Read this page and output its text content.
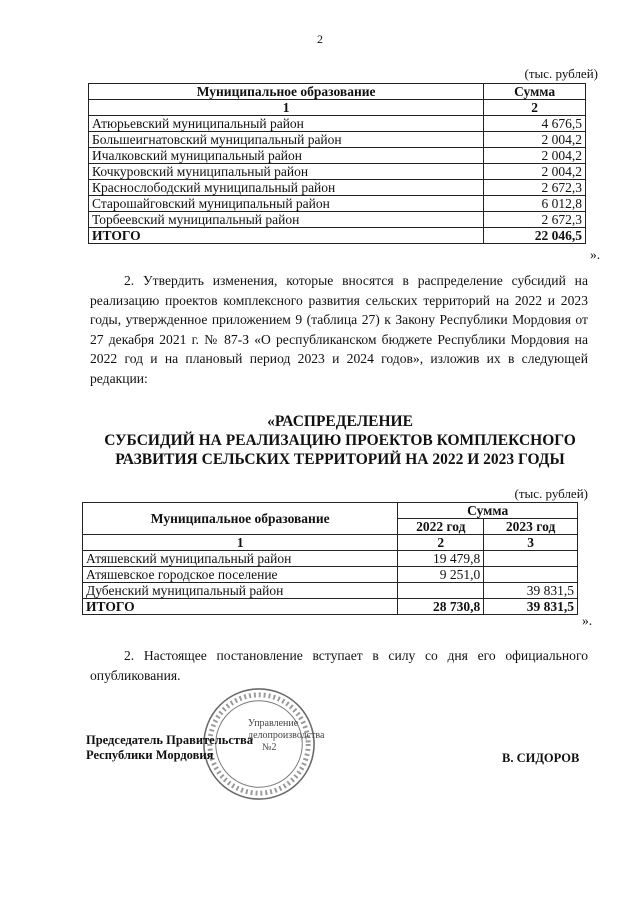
2
(тыс. рублей)
Муниципальное образование	Сумма
1	2
Атюрьевский муниципальный район	4 676,5
Большеигнатовский муниципальный район	2 004,2
Ичалковский муниципальный район	2 004,2
Кочкуровский муниципальный район	2 004,2
Краснослободский муниципальный район	2 672,3
Старошайговский муниципальный район	6 012,8
Торбеевский муниципальный район	2 672,3
ИТОГО	22 046,5
».

2. Утвердить изменения, которые вносятся в распределение субсидий на реализацию проектов комплексного развития сельских территорий на 2022 и 2023 годы, утвержденное приложением 9 (таблица 27) к Закону Республики Мордовия от 27 декабря 2021 г. № 87-З «О республиканском бюджете Республики Мордовия на 2022 год и на плановый период 2023 и 2024 годов», изложив их в следующей редакции:

«РАСПРЕДЕЛЕНИЕ
СУБСИДИЙ НА РЕАЛИЗАЦИЮ ПРОЕКТОВ КОМПЛЕКСНОГО
РАЗВИТИЯ СЕЛЬСКИХ ТЕРРИТОРИЙ НА 2022 И 2023 ГОДЫ
(тыс. рублей)
Муниципальное образование	Сумма	
	2022 год	2023 год
1	2	3
Атяшевский муниципальный район	19 479,8	
Атяшевское городское поселение	9 251,0	
Дубенский муниципальный район		39 831,5
ИТОГО	28 730,8	39 831,5
».

2. Настоящее постановление вступает в силу со дня его официального опубликования.

Управление
делопроизводства
№2
Председатель Правительства
Республики Мордовия	В. СИДОРОВ
